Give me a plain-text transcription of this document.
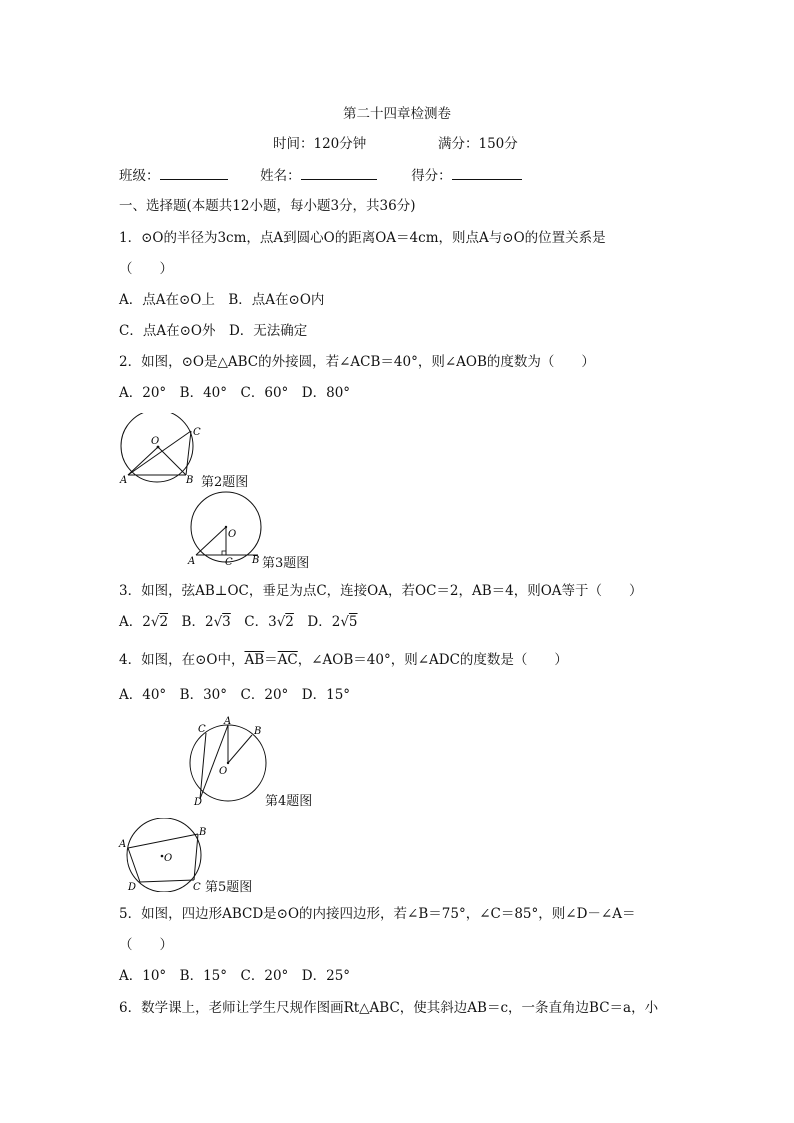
第二十四章检测卷
时间：120分钟	满分：150分
班级：	姓名：	得分：
一、选择题(本题共12小题，每小题3分，共36分)
1．⊙O的半径为3cm，点A到圆心O的距离OA＝4cm，则点A与⊙O的位置关系是
（　　）
A．点A在⊙O上　B．点A在⊙O内
C．点A在⊙O外　D．无法确定
2．如图，⊙O是△ABC的外接圆，若∠ACB＝40°，则∠AOB的度数为（　　）
A．20°　B．40°　C．60°　D．80°
O
A	B
C
第2题图
O
A	C B 第3题图
3．如图，弦AB⊥OC，垂足为点C，连接OA，若OC＝2，AB＝4，则OA等于（　　）
A．2√2　 B．2√3　 C．3√2　 D．2√5
4．如图，在⊙O中，$\overline{AB}=\overline{AC}$，∠AOB＝40°，则∠ADC的度数是（　　）
A．40°　B．30°　C．20°　D．15°
C
A
B
O
D	第4题图
A
B
O
D	C 第5题图
5．如图，四边形ABCD是⊙O的内接四边形，若∠B＝75°，∠C＝85°，则∠D－∠A＝
（　　）
A．10°　B．15°　C．20°　D．25°
6．数学课上，老师让学生尺规作图画Rt△ABC，使其斜边AB＝c，一条直角边BC＝a，小
